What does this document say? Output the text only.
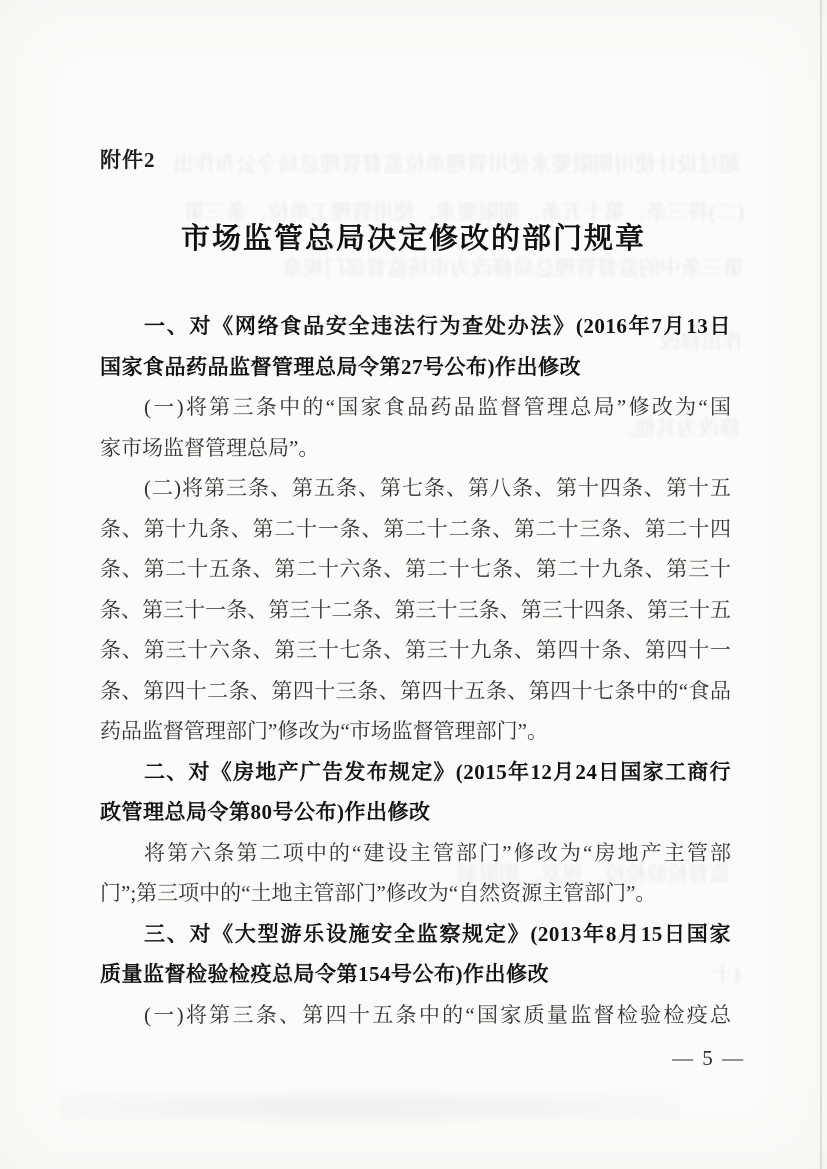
超过设计使用期限要求使用管理单位监督管理总局令公布作出
(二)将三条、第十五条、期限要求、使用管理工单位、条三第
第三条中的监督管理总局修改为市场监督部门规章
作出修改
修改为其他。
监督检验检疫、规章、期限制
(十
附件2
市场监管总局决定修改的部门规章
一、对《网络食品安全违法行为查处办法》(2016年7月13日
国家食品药品监督管理总局令第27号公布)作出修改
(一)将第三条中的“国家食品药品监督管理总局”修改为“国
家市场监督管理总局”。
(二)将第三条、第五条、第七条、第八条、第十四条、第十五
条、第十九条、第二十一条、第二十二条、第二十三条、第二十四
条、第二十五条、第二十六条、第二十七条、第二十九条、第三十
条、第三十一条、第三十二条、第三十三条、第三十四条、第三十五
条、第三十六条、第三十七条、第三十九条、第四十条、第四十一
条、第四十二条、第四十三条、第四十五条、第四十七条中的“食品
药品监督管理部门”修改为“市场监督管理部门”。
二、对《房地产广告发布规定》(2015年12月24日国家工商行
政管理总局令第80号公布)作出修改
将第六条第二项中的“建设主管部门”修改为“房地产主管部
门”;第三项中的“土地主管部门”修改为“自然资源主管部门”。
三、对《大型游乐设施安全监察规定》(2013年8月15日国家
质量监督检验检疫总局令第154号公布)作出修改
(一)将第三条、第四十五条中的“国家质量监督检验检疫总
— 5 —
